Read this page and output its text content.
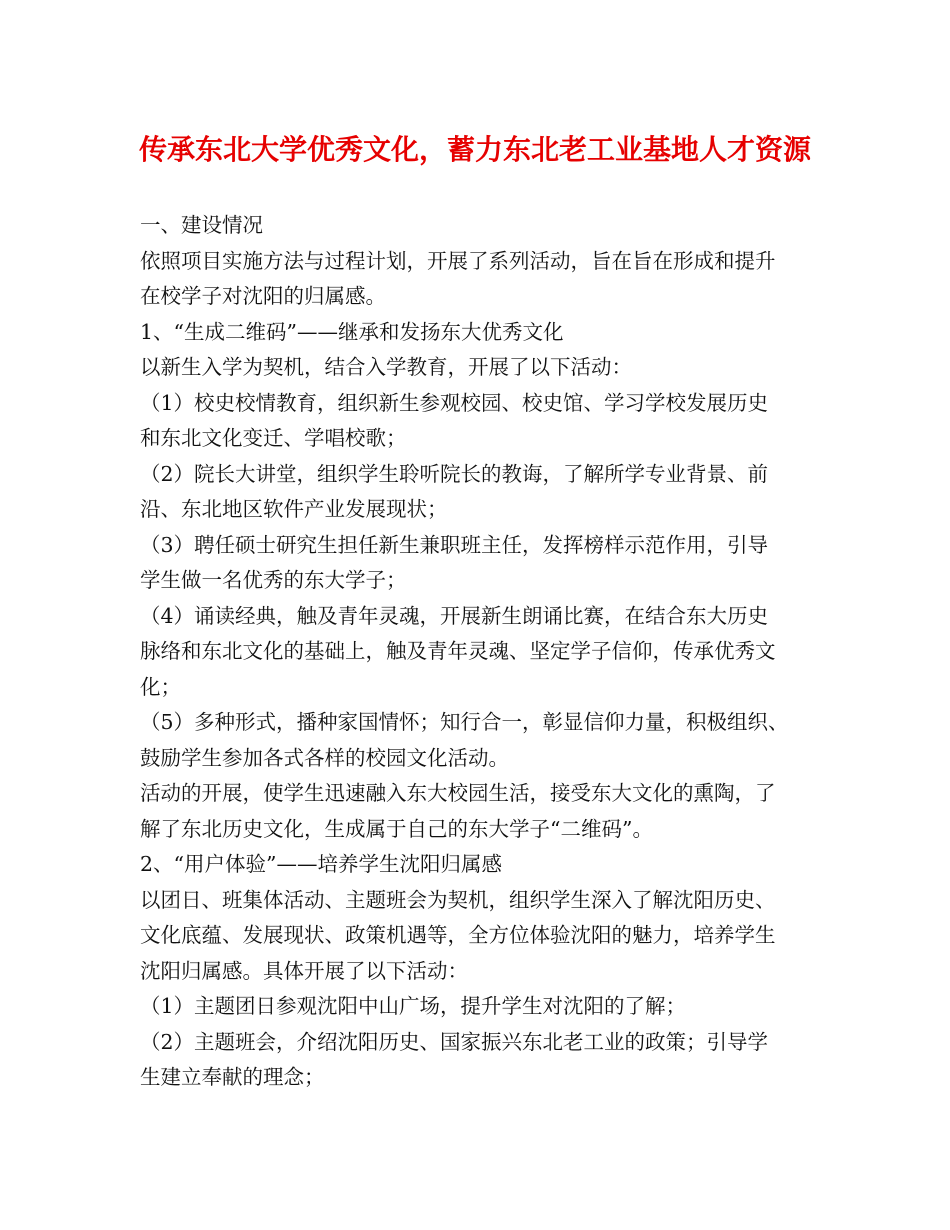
传承东北大学优秀文化，蓄力东北老工业基地人才资源

一、建设情况

依照项目实施方法与过程计划，开展了系列活动，旨在旨在形成和提升

在校学子对沈阳的归属感。

1、“生成二维码”——继承和发扬东大优秀文化

以新生入学为契机，结合入学教育，开展了以下活动：

（1）校史校情教育，组织新生参观校园、校史馆、学习学校发展历史

和东北文化变迁、学唱校歌；

（2）院长大讲堂，组织学生聆听院长的教诲，了解所学专业背景、前

沿、东北地区软件产业发展现状；

（3）聘任硕士研究生担任新生兼职班主任，发挥榜样示范作用，引导

学生做一名优秀的东大学子；

（4）诵读经典，触及青年灵魂，开展新生朗诵比赛，在结合东大历史

脉络和东北文化的基础上，触及青年灵魂、坚定学子信仰，传承优秀文

化；

（5）多种形式，播种家国情怀；知行合一，彰显信仰力量，积极组织、

鼓励学生参加各式各样的校园文化活动。

活动的开展，使学生迅速融入东大校园生活，接受东大文化的熏陶，了

解了东北历史文化，生成属于自己的东大学子“二维码”。

2、“用户体验”——培养学生沈阳归属感

以团日、班集体活动、主题班会为契机，组织学生深入了解沈阳历史、

文化底蕴、发展现状、政策机遇等，全方位体验沈阳的魅力，培养学生

沈阳归属感。具体开展了以下活动：

（1）主题团日参观沈阳中山广场，提升学生对沈阳的了解；

（2）主题班会，介绍沈阳历史、国家振兴东北老工业的政策；引导学

生建立奉献的理念；
